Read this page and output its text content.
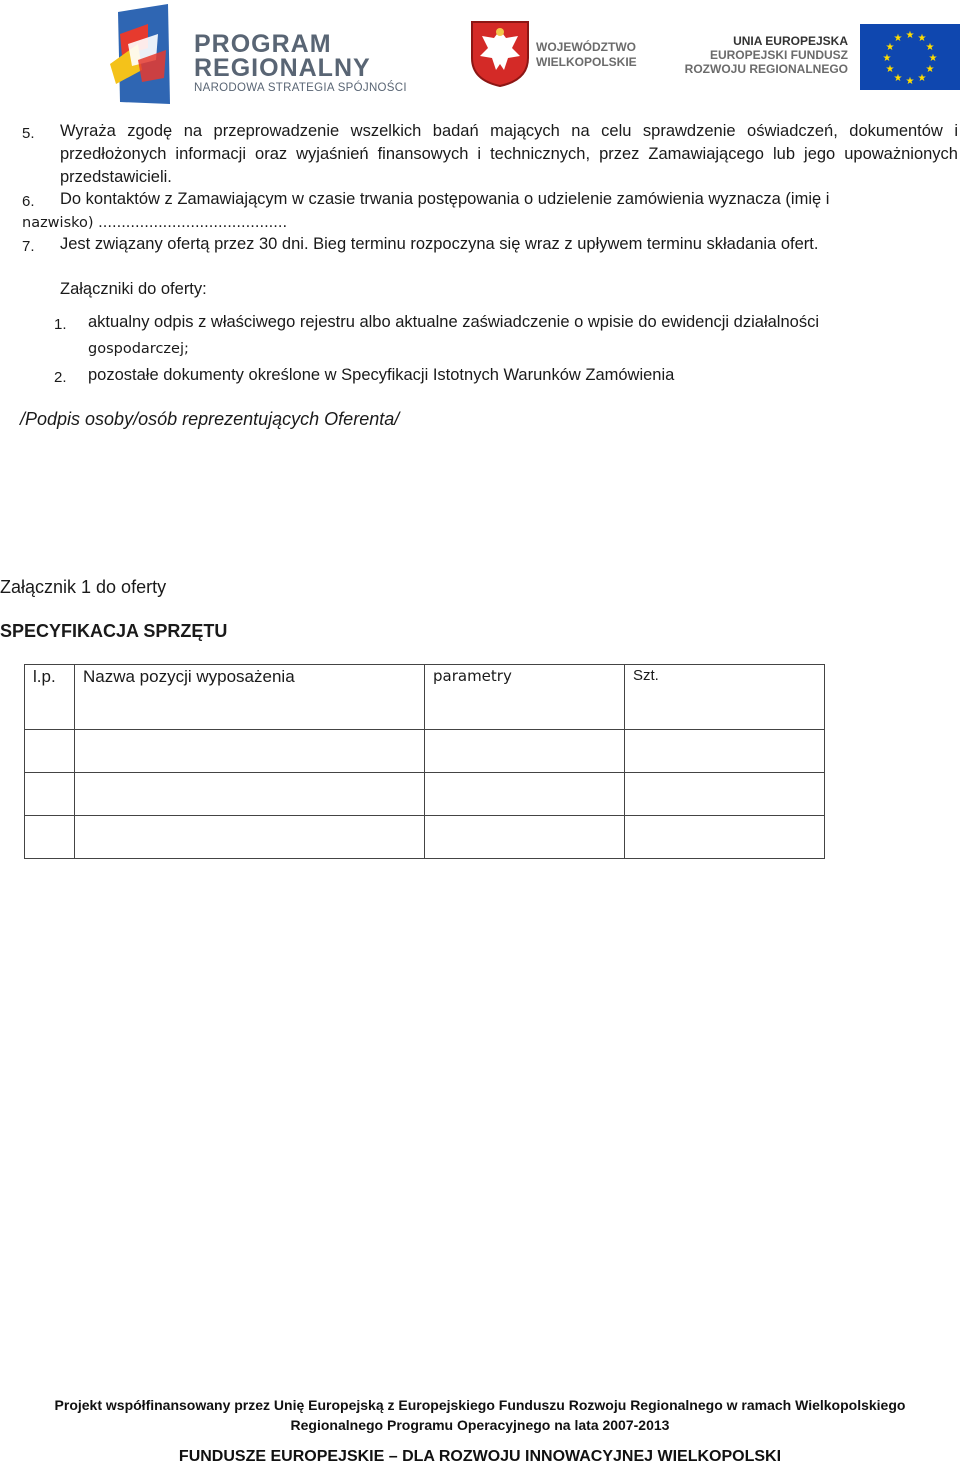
PROGRAM
REGIONALNY
NARODOWA STRATEGIA SPÓJNOŚCI
WOJEWÓDZTWO
WIELKOPOLSKIE
UNIA EUROPEJSKA
EUROPEJSKI FUNDUSZ
ROZWOJU REGIONALNEGO
★ ★
★
★
★
★
★
★
★
★
★
★
5. Wyraża zgodę na przeprowadzenie wszelkich badań mających na celu sprawdzenie oświadczeń, dokumentów i przedłożonych informacji oraz wyjaśnień finansowych i technicznych, przez Zamawiającego lub jego upoważnionych przedstawicieli.
6. Do kontaktów z Zamawiającym w czasie trwania postępowania o udzielenie zamówienia wyznacza (imię i
nazwisko) .........................................
7. Jest związany ofertą przez 30 dni. Bieg terminu rozpoczyna się wraz z upływem terminu składania ofert.
Załączniki do oferty:
1. aktualny odpis z właściwego rejestru albo aktualne zaświadczenie o wpisie do ewidencji działalności
gospodarczej;
2. pozostałe dokumenty określone w Specyfikacji Istotnych Warunków Zamówienia
/Podpis osoby/osób reprezentujących Oferenta/
Załącznik 1 do oferty
SPECYFIKACJA SPRZĘTU
l.p.	Nazwa pozycji wyposażenia	parametry	Szt.

Projekt współfinansowany przez Unię Europejską z Europejskiego Funduszu Rozwoju Regionalnego w ramach Wielkopolskiego
Regionalnego Programu Operacyjnego na lata 2007-2013
FUNDUSZE EUROPEJSKIE – DLA ROZWOJU INNOWACYJNEJ WIELKOPOLSKI
